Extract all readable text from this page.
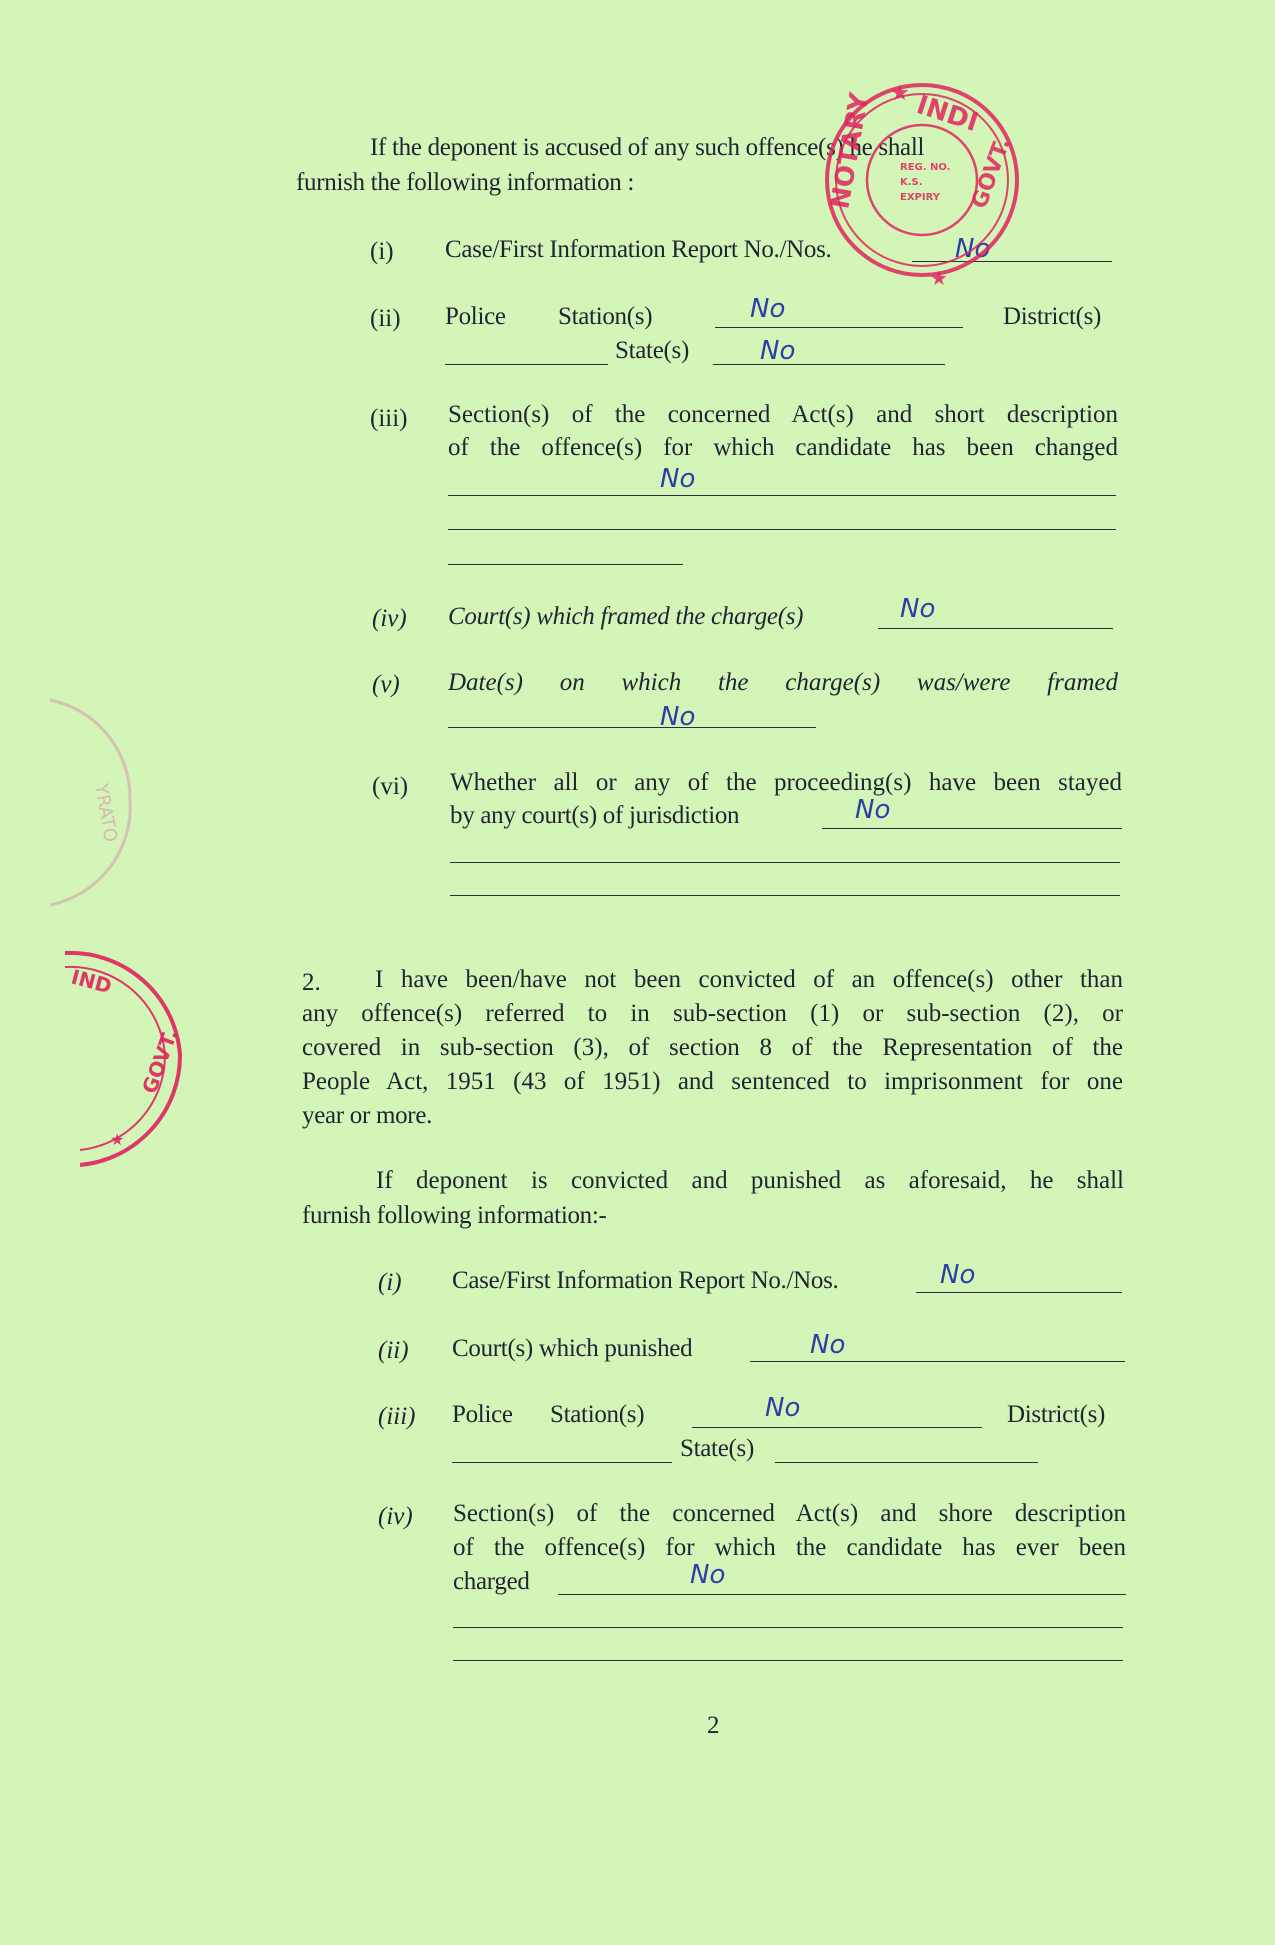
If the deponent is accused of any such offence(s) he shall
furnish the following information :
(i) Case/First Information Report No./Nos.	No
(ii) Police Station(s)	No	District(s)
State(s)	No
(iii) Section(s) of the concerned Act(s) and short description
of the offence(s) for which candidate has been changed
No
(iv) Court(s) which framed the charge(s)	No
(v) Date(s) on which the charge(s) was/were framed
No
(vi) Whether all or any of the proceeding(s) have been stayed
by any court(s) of jurisdiction	No
2. I have been/have not been convicted of an offence(s) other than
any offence(s) referred to in sub-section (1) or sub-section (2), or
covered in sub-section (3), of section 8 of the Representation of the
People Act, 1951 (43 of 1951) and sentenced to imprisonment for one
year or more.
If deponent is convicted and punished as aforesaid, he shall
furnish following information:-
(i) Case/First Information Report No./Nos.	No
(ii) Court(s) which punished	No
(iii) Police Station(s)	No	District(s)
State(s)
(iv) Section(s) of the concerned Act(s) and shore description
of the offence(s) for which the candidate has ever been
charged	No
2
INDI
NOTARY	GOVT.
★
★
REG. NO.
K.S.
EXPIRY
IND
GOVT.
★
YRATO
